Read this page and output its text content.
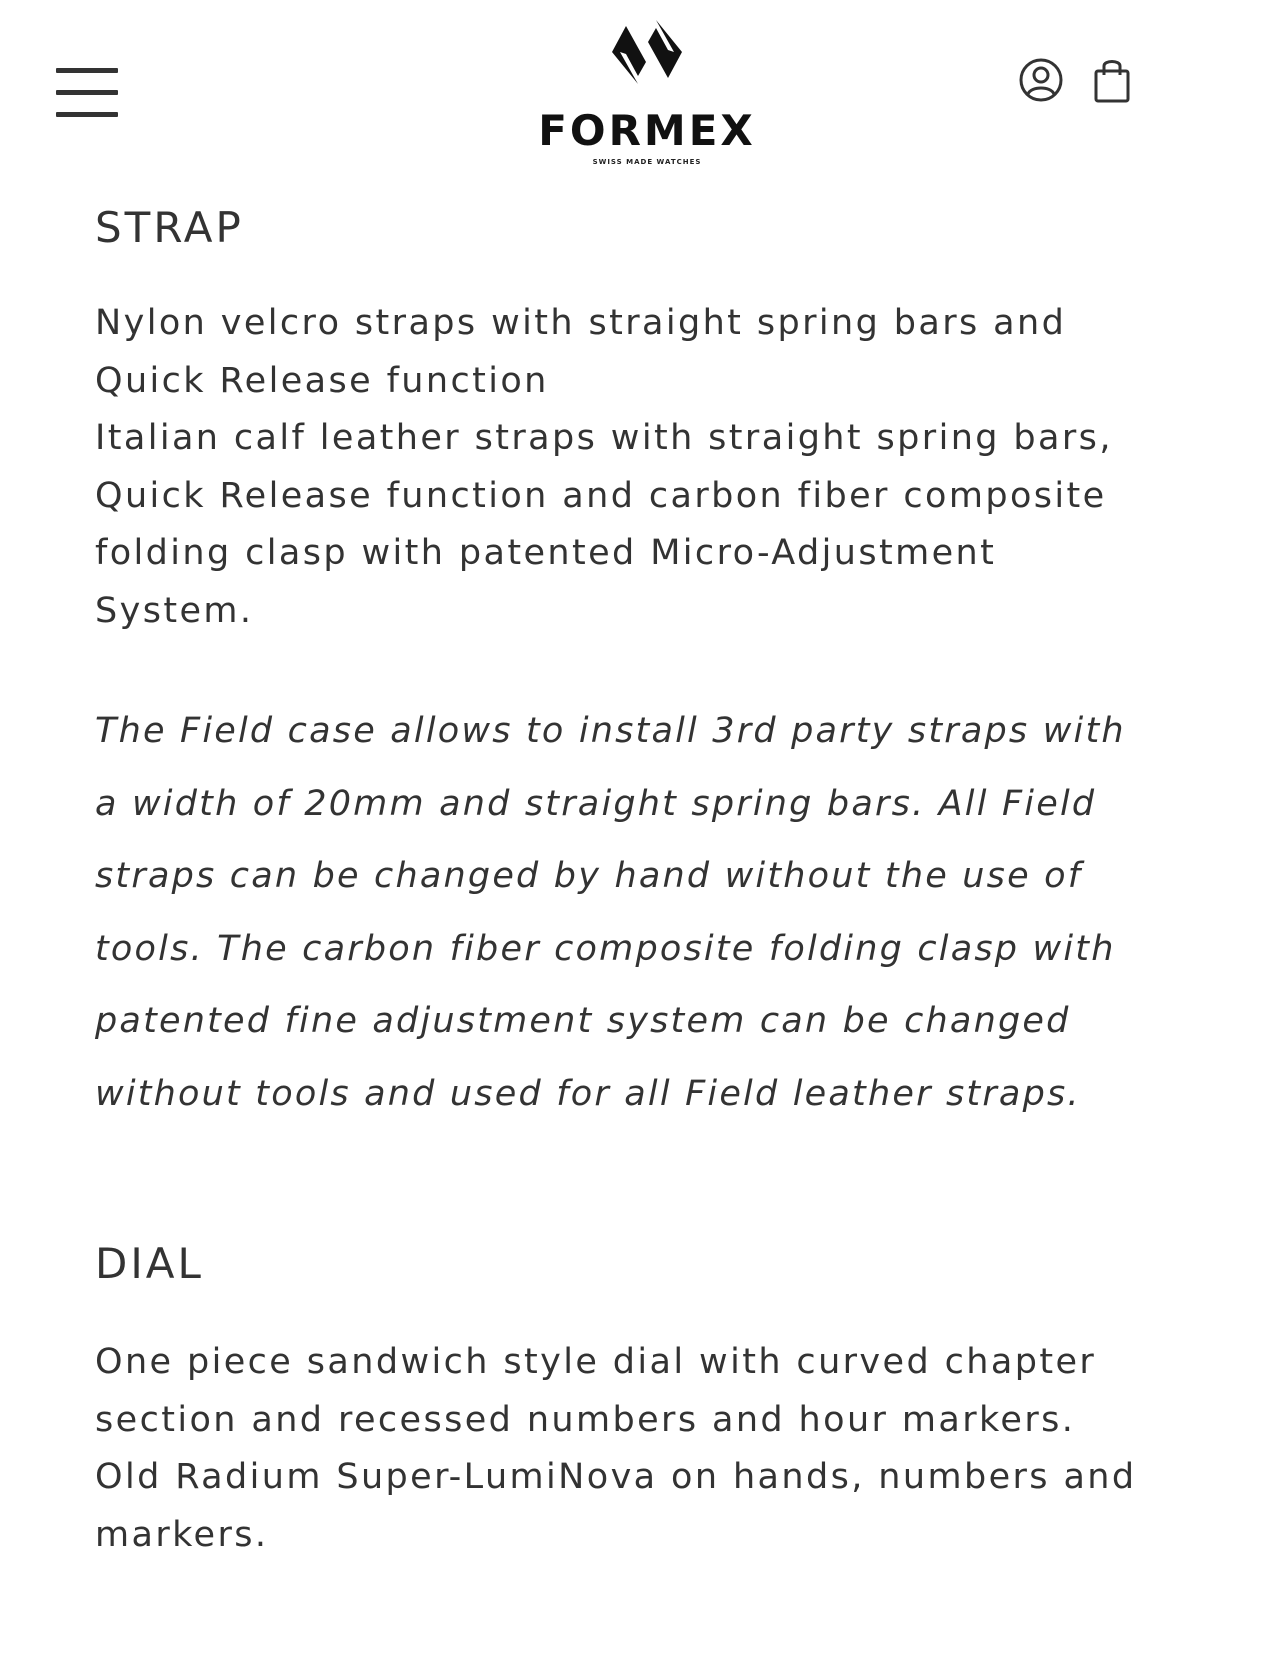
FORMEX
SWISS MADE WATCHES
STRAP

Nylon velcro straps with straight spring bars and
Quick Release function
Italian calf leather straps with straight spring bars,
Quick Release function and carbon fiber composite
folding clasp with patented Micro-Adjustment
System.

The Field case allows to install 3rd party straps with
a width of 20mm and straight spring bars. All Field
straps can be changed by hand without the use of
tools. The carbon fiber composite folding clasp with
patented fine adjustment system can be changed
without tools and used for all Field leather straps.

DIAL

One piece sandwich style dial with curved chapter
section and recessed numbers and hour markers.
Old Radium Super-LumiNova on hands, numbers and
markers.
